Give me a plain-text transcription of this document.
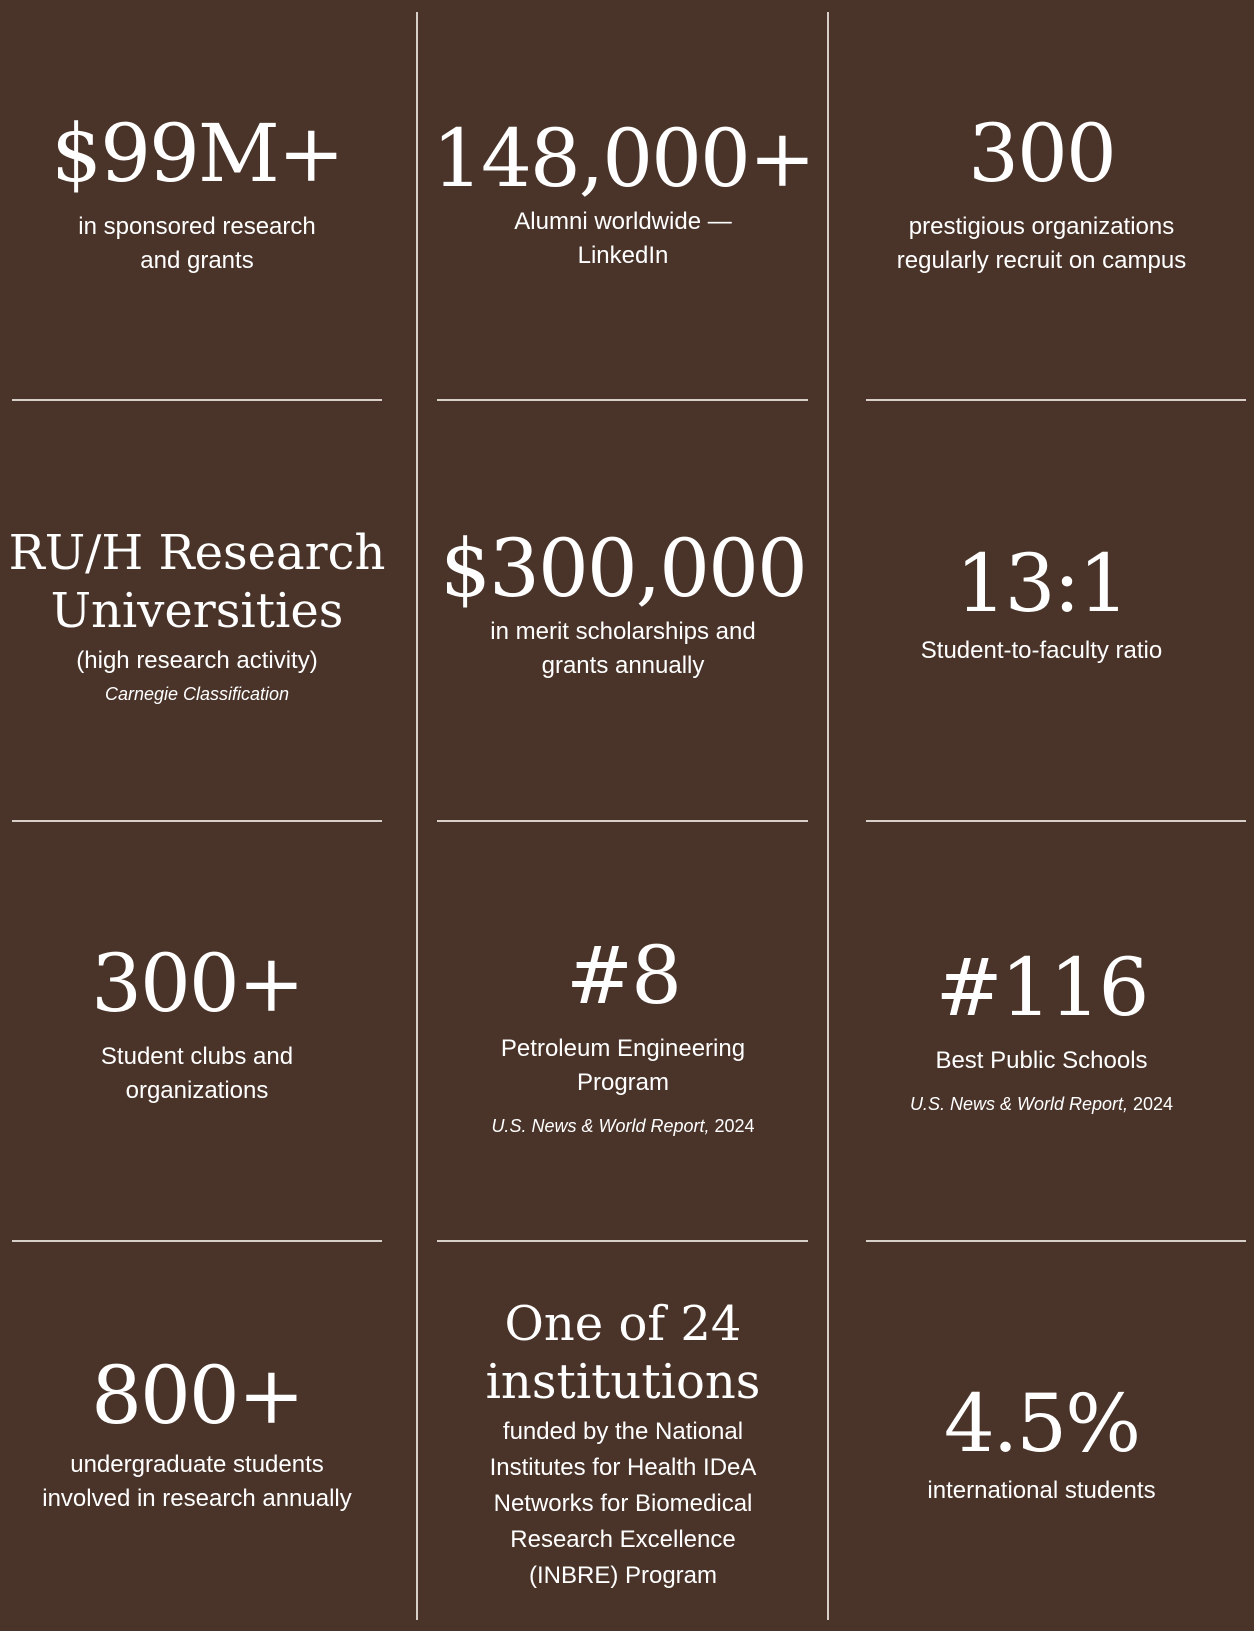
$99M+
in sponsored research and grants
148,000+
Alumni worldwide — LinkedIn
300
prestigious organizations regularly recruit on campus
RU/H Research Universities
(high research activity)
Carnegie Classification
$300,000
in merit scholarships and grants annually
13:1
Student-to-faculty ratio
300+
Student clubs and organizations
#8
Petroleum Engineering Program
U.S. News & World Report, 2024
#116
Best Public Schools
U.S. News & World Report, 2024
800+
undergraduate students involved in research annually
One of 24 institutions
funded by the National Institutes for Health IDeA Networks for Biomedical Research Excellence (INBRE) Program
4.5%
international students
